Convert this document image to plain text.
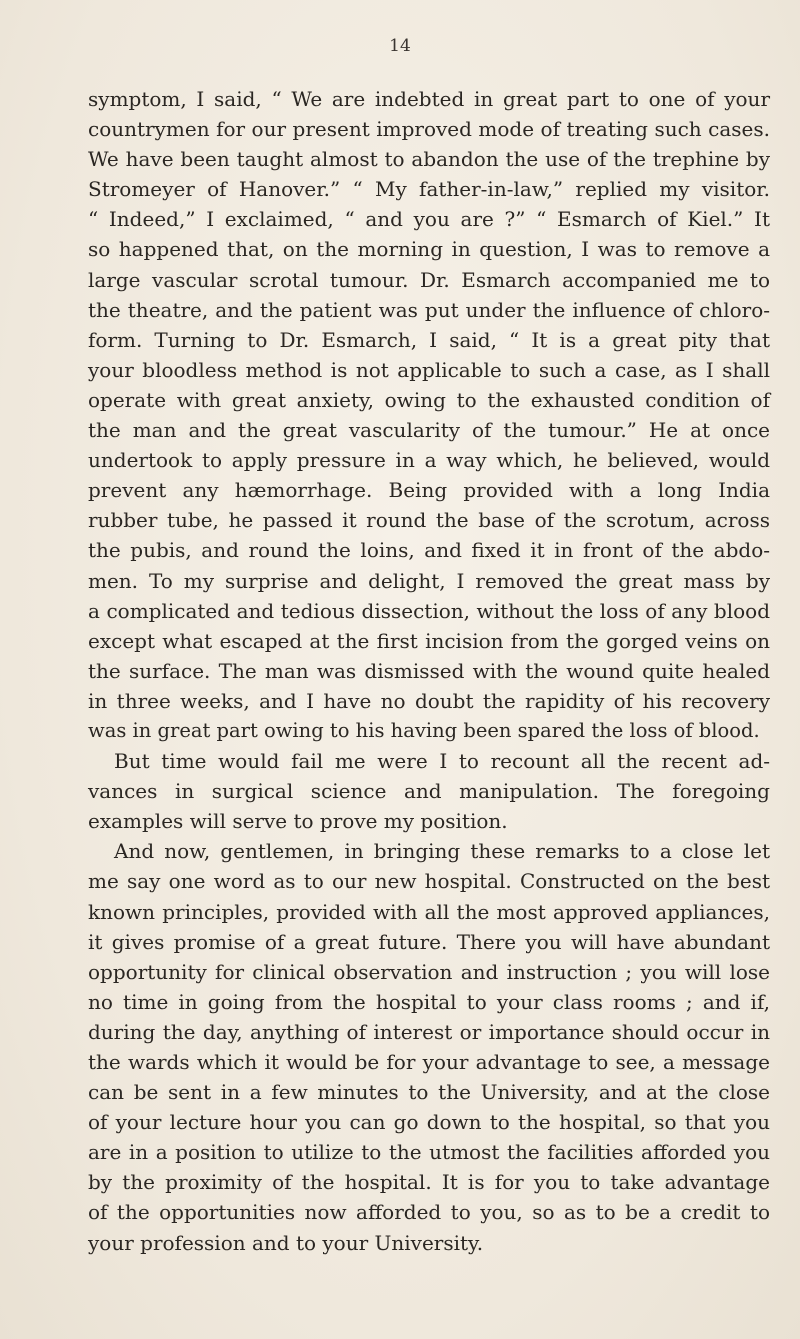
14
symptom, I said, “ We are indebted in great part to one of your
countrymen for our present improved mode of treating such cases.
We have been taught almost to abandon the use of the trephine by
Stromeyer of Hanover.” “ My father-in-law,” replied my visitor.
“ Indeed,” I exclaimed, “ and you are ?” “ Esmarch of Kiel.” It
so happened that, on the morning in question, I was to remove a
large vascular scrotal tumour. Dr. Esmarch accompanied me to
the theatre, and the patient was put under the influence of chloro-
form. Turning to Dr. Esmarch, I said, “ It is a great pity that
your bloodless method is not applicable to such a case, as I shall
operate with great anxiety, owing to the exhausted condition of
the man and the great vascularity of the tumour.” He at once
undertook to apply pressure in a way which, he believed, would
prevent any hæmorrhage. Being provided with a long India
rubber tube, he passed it round the base of the scrotum, across
the pubis, and round the loins, and fixed it in front of the abdo-
men. To my surprise and delight, I removed the great mass by
a complicated and tedious dissection, without the loss of any blood
except what escaped at the first incision from the gorged veins on
the surface. The man was dismissed with the wound quite healed
in three weeks, and I have no doubt the rapidity of his recovery
was in great part owing to his having been spared the loss of blood.
But time would fail me were I to recount all the recent ad-
vances in surgical science and manipulation. The foregoing
examples will serve to prove my position.
And now, gentlemen, in bringing these remarks to a close let
me say one word as to our new hospital. Constructed on the best
known principles, provided with all the most approved appliances,
it gives promise of a great future. There you will have abundant
opportunity for clinical observation and instruction ; you will lose
no time in going from the hospital to your class rooms ; and if,
during the day, anything of interest or importance should occur in
the wards which it would be for your advantage to see, a message
can be sent in a few minutes to the University, and at the close
of your lecture hour you can go down to the hospital, so that you
are in a position to utilize to the utmost the facilities afforded you
by the proximity of the hospital. It is for you to take advantage
of the opportunities now afforded to you, so as to be a credit to
your profession and to your University.
